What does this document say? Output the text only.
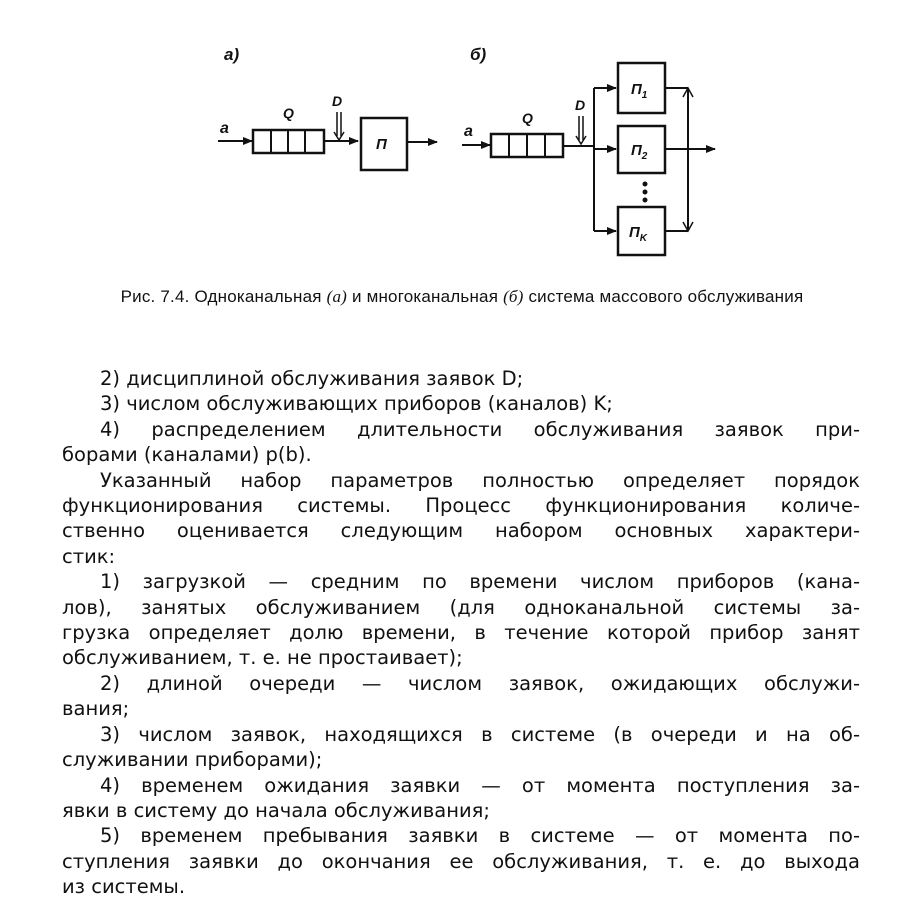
а)
a
Q
D
П
б)
a
Q
D
$П_1$
$П_2$
$П_K$
Рис. 7.4. Одноканальная (а) и многоканальная (б) система массового обслуживания
2) дисциплиной обслуживания заявок D;
3) числом обслуживающих приборов (каналов) K;
4) распределением длительности обслуживания заявок при-
борами (каналами) p(b).
Указанный набор параметров полностью определяет порядок
функционирования системы. Процесс функционирования количе-
ственно оценивается следующим набором основных характери-
стик:
1) загрузкой — средним по времени числом приборов (кана-
лов), занятых обслуживанием (для одноканальной системы за-
грузка определяет долю времени, в течение которой прибор занят
обслуживанием, т. е. не простаивает);
2) длиной очереди — числом заявок, ожидающих обслужи-
вания;
3) числом заявок, находящихся в системе (в очереди и на об-
служивании приборами);
4) временем ожидания заявки — от момента поступления за-
явки в систему до начала обслуживания;
5) временем пребывания заявки в системе — от момента по-
ступления заявки до окончания ее обслуживания, т. е. до выхода
из системы.
